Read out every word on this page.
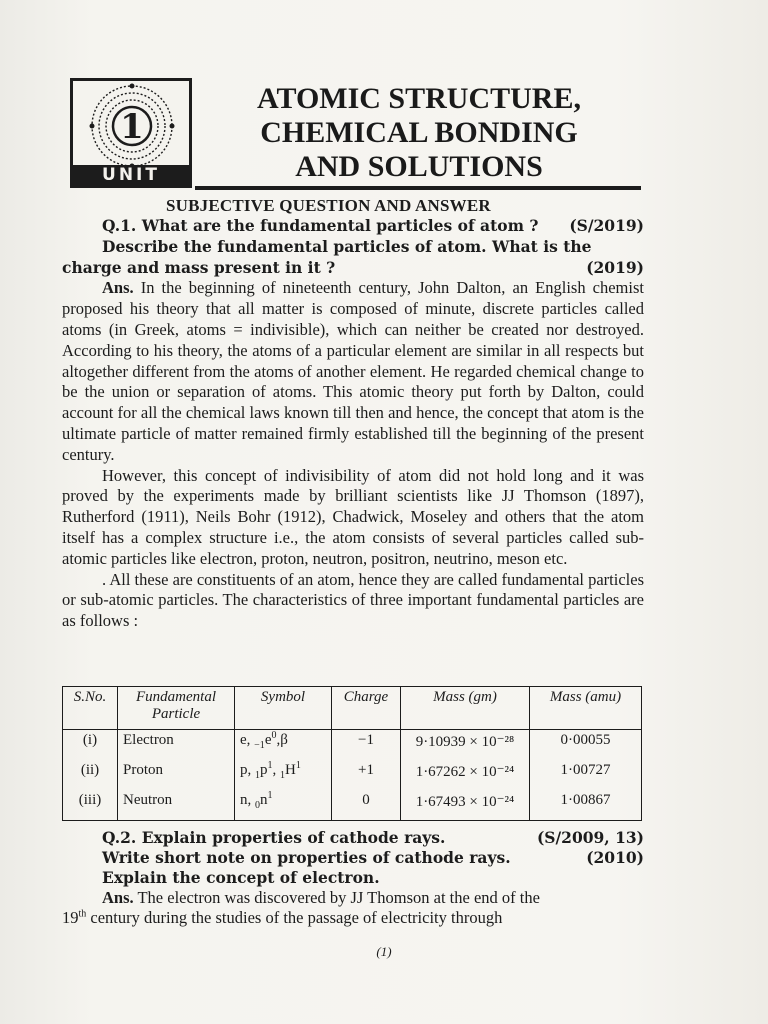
1
UNIT
ATOMIC STRUCTURE,
CHEMICAL BONDING
AND SOLUTIONS
SUBJECTIVE QUESTION AND ANSWER
Q.1. What are the fundamental particles of atom ? (S/2019)
Describe the fundamental particles of atom. What is the
charge and mass present in it ?	(2019)

Ans. In the beginning of nineteenth century, John Dalton, an English chemist proposed his theory that all matter is composed of minute, discrete particles called atoms (in Greek, atoms = indivisible), which can neither be created nor destroyed. According to his theory, the atoms of a particular element are similar in all respects but altogether different from the atoms of another element. He regarded chemical change to be the union or separation of atoms. This atomic theory put forth by Dalton, could account for all the chemical laws known till then and hence, the concept that atom is the ultimate particle of matter remained firmly established till the beginning of the present century.

However, this concept of indivisibility of atom did not hold long and it was proved by the experiments made by brilliant scientists like JJ Thomson (1897), Rutherford (1911), Neils Bohr (1912), Chadwick, Moseley and others that the atom itself has a complex structure i.e., the atom consists of several particles called sub-atomic particles like electron, proton, neutron, positron, neutrino, meson etc.

. All these are constituents of an atom, hence they are called fundamental particles or sub-atomic particles. The characteristics of three important fundamental particles are as follows :

S.No.	Fundamental Particle	Symbol	Charge	Mass (gm)	Mass (amu)
(i)	Electron	e, $_{-1}e^0,\beta$	−1	9·10939 × 10⁻²⁸	0·00055
(ii)	Proton	p, $_1p^1$, $_1H^1$	+1	1·67262 × 10⁻²⁴	1·00727
(iii)	Neutron	n, $_0n^1$	0	1·67493 × 10⁻²⁴	1·00867
Q.2. Explain properties of cathode rays.	(S/2009, 13)
Write short note on properties of cathode rays.	(2010)
Explain the concept of electron.

Ans. The electron was discovered by JJ Thomson at the end of the

19th century during the studies of the passage of electricity through

(1)
